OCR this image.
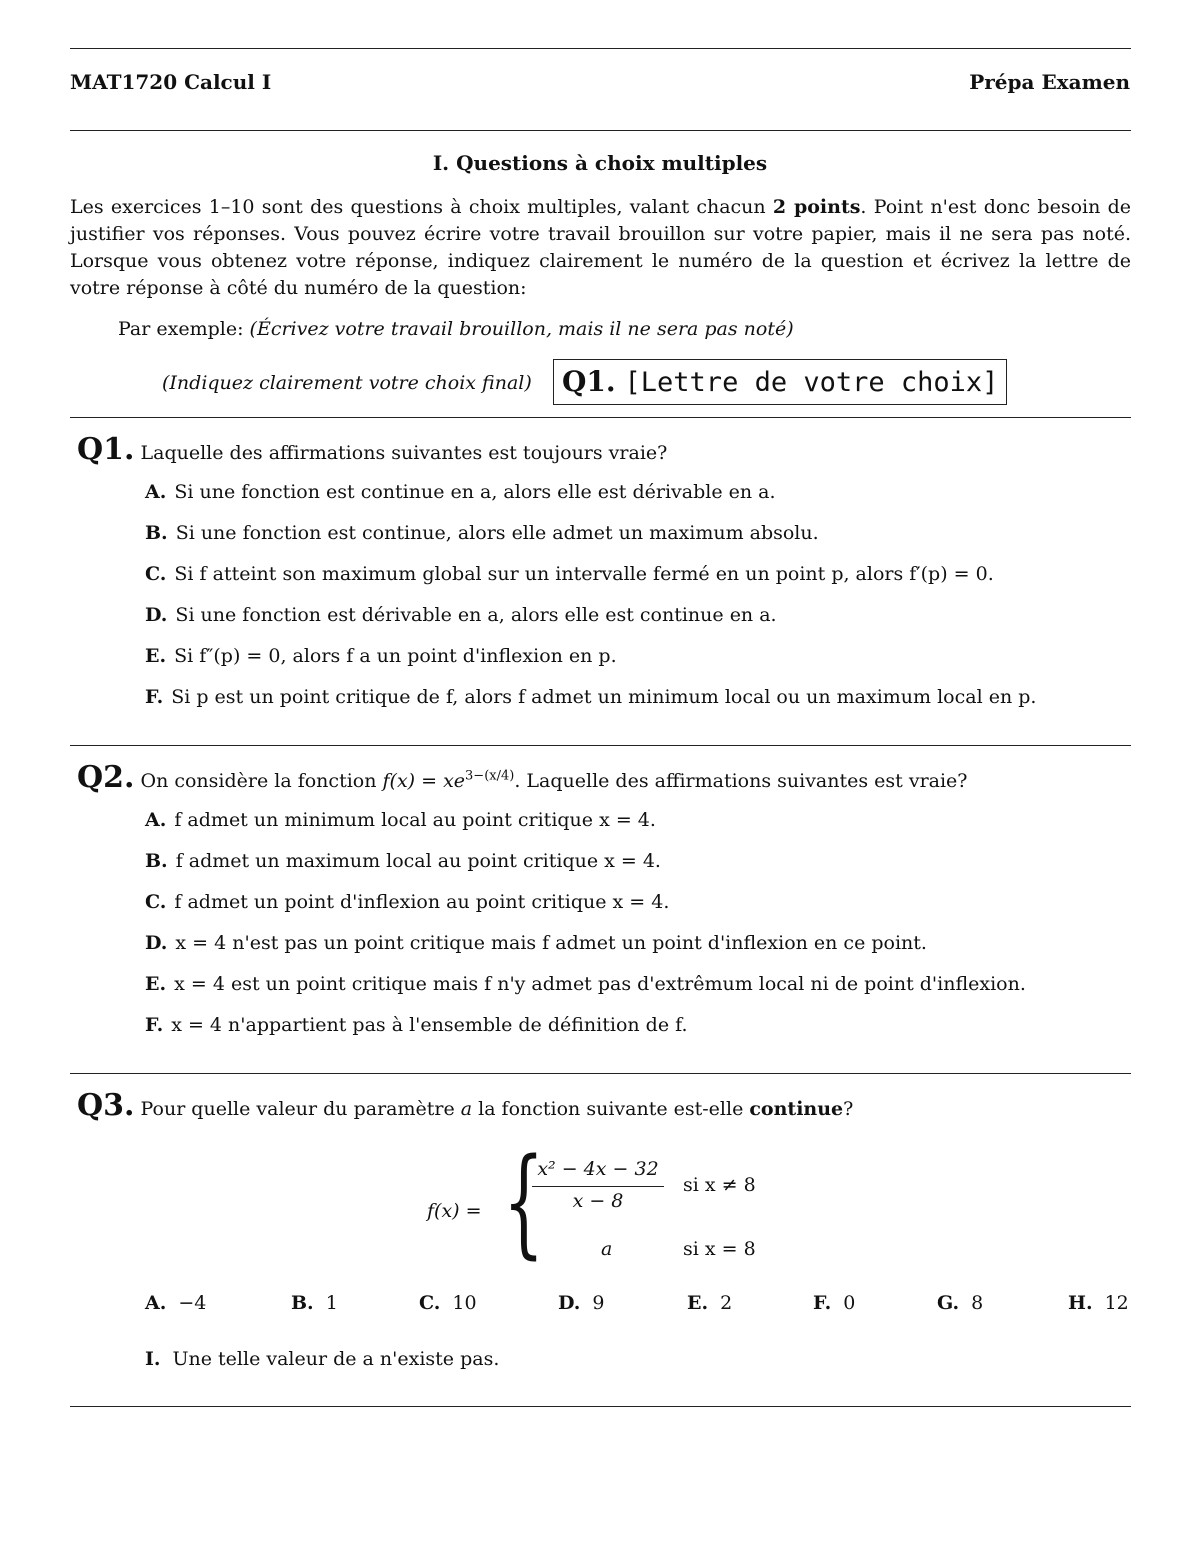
MAT1720 Calcul I	Prépa Examen
I. Questions à choix multiples
Les exercices 1–10 sont des questions à choix multiples, valant chacun 2 points. Point n'est donc besoin de justifier vos réponses. Vous pouvez écrire votre travail brouillon sur votre papier, mais il ne sera pas noté. Lorsque vous obtenez votre réponse, indiquez clairement le numéro de la question et écrivez la lettre de votre réponse à côté du numéro de la question:
Par exemple: (Écrivez votre travail brouillon, mais il ne sera pas noté)
(Indiquez clairement votre choix final)	Q1. [Lettre de votre choix]
Q1. Laquelle des affirmations suivantes est toujours vraie?
A. Si une fonction est continue en a, alors elle est dérivable en a.
B. Si une fonction est continue, alors elle admet un maximum absolu.
C. Si f atteint son maximum global sur un intervalle fermé en un point p, alors f′(p) = 0.
D. Si une fonction est dérivable en a, alors elle est continue en a.
E. Si f″(p) = 0, alors f a un point d'inflexion en p.
F. Si p est un point critique de f, alors f admet un minimum local ou un maximum local en p.
Q2. On considère la fonction $f(x) = xe^{3-(x/4)}$. Laquelle des affirmations suivantes est vraie?
A. f admet un minimum local au point critique x = 4.
B. f admet un maximum local au point critique x = 4.
C. f admet un point d'inflexion au point critique x = 4.
D. x = 4 n'est pas un point critique mais f admet un point d'inflexion en ce point.
E. x = 4 est un point critique mais f n'y admet pas d'extrêmum local ni de point d'inflexion.
F. x = 4 n'appartient pas à l'ensemble de définition de f.
Q3. Pour quelle valeur du paramètre a la fonction suivante est-elle continue?
f(x) = {
x² − 4x − 32
x − 8
si x ≠ 8
a	si x = 8
A. −4	B. 1	C. 10	D. 9	E. 2	F. 0	G. 8	H. 12
I. Une telle valeur de a n'existe pas.
